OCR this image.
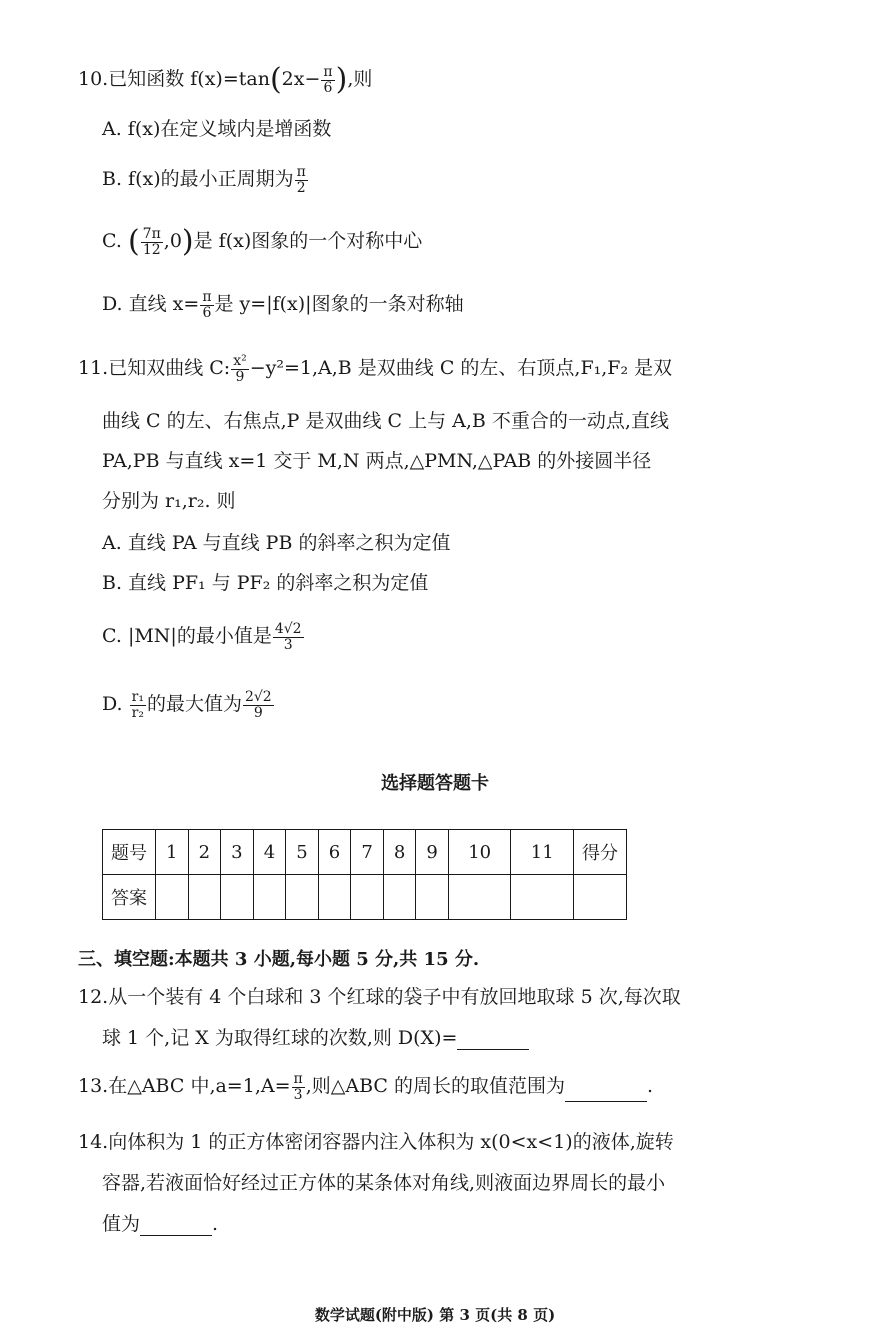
10.已知函数 $f(x)=\tan(2x- \frac{\pi}{6}$ ),则
A. f(x)在定义域内是增函数
B. f(x)的最小正周期为 $\frac{\pi}{2}$
C. ( $\frac{7\pi}{12} ,0$)是 f(x)图象的一个对称中心
D. 直线 $x= \frac{\pi}{6}$ 是 y=|f(x)|图象的一条对称轴
11.已知双曲线 C: $\frac{\text{x²}}{9} -y^2=1,A,B$ 是双曲线 C 的左、右顶点,F₁,F₂ 是双
曲线 C 的左、右焦点,P 是双曲线 C 上与 A,B 不重合的一动点,直线
PA,PB 与直线 x=1 交于 M,N 两点,△PMN,△PAB 的外接圆半径
分别为 r₁,r₂. 则
A. 直线 PA 与直线 PB 的斜率之积为定值
B. 直线 PF₁ 与 PF₂ 的斜率之积为定值
C. |MN|的最小值是 $\frac{4√2}{3}$
D. $\frac{\text{r₁}}{\text{r₂}}$ 的最大值为 $\frac{2√2}{9}$
选择题答题卡
题号	1	2	3	4	5	6	7	8	9	10	11	得分
答案												
三、填空题:本题共 3 小题,每小题 5 分,共 15 分.
12.从一个装有 4 个白球和 3 个红球的袋子中有放回地取球 5 次,每次取
球 1 个,记 X 为取得红球的次数,则 D(X)=
13.在△ABC 中$,a=1,A= \frac{\pi}{3}$ ,则△ABC 的周长的取值范围为	.
14.向体积为 1 的正方体密闭容器内注入体积为 x(0<x<1)的液体,旋转
容器,若液面恰好经过正方体的某条体对角线,则液面边界周长的最小
值为	.
数学试题(附中版) 第 3 页(共 8 页)
